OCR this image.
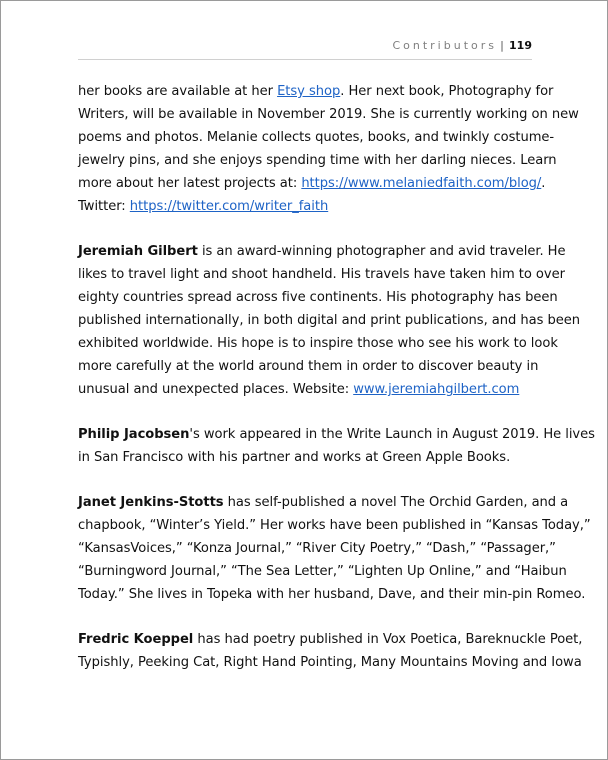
Contributors | 119
her books are available at her Etsy shop. Her next book, Photography for
Writers, will be available in November 2019. She is currently working on new
poems and photos. Melanie collects quotes, books, and twinkly costume-
jewelry pins, and she enjoys spending time with her darling nieces. Learn
more about her latest projects at: https://www.melaniedfaith.com/blog/.
Twitter: https://twitter.com/writer_faith
Jeremiah Gilbert is an award-winning photographer and avid traveler. He
likes to travel light and shoot handheld. His travels have taken him to over
eighty countries spread across five continents. His photography has been
published internationally, in both digital and print publications, and has been
exhibited worldwide. His hope is to inspire those who see his work to look
more carefully at the world around them in order to discover beauty in
unusual and unexpected places. Website: www.jeremiahgilbert.com
Philip Jacobsen's work appeared in the Write Launch in August 2019. He lives
in San Francisco with his partner and works at Green Apple Books.
Janet Jenkins-Stotts has self-published a novel The Orchid Garden, and a
chapbook, “Winter’s Yield.” Her works have been published in “Kansas Today,”
“KansasVoices,” “Konza Journal,” “River City Poetry,” “Dash,” “Passager,”
“Burningword Journal,” “The Sea Letter,” “Lighten Up Online,” and “Haibun
Today.” She lives in Topeka with her husband, Dave, and their min-pin Romeo.
Fredric Koeppel has had poetry published in Vox Poetica, Bareknuckle Poet,
Typishly, Peeking Cat, Right Hand Pointing, Many Mountains Moving and Iowa
